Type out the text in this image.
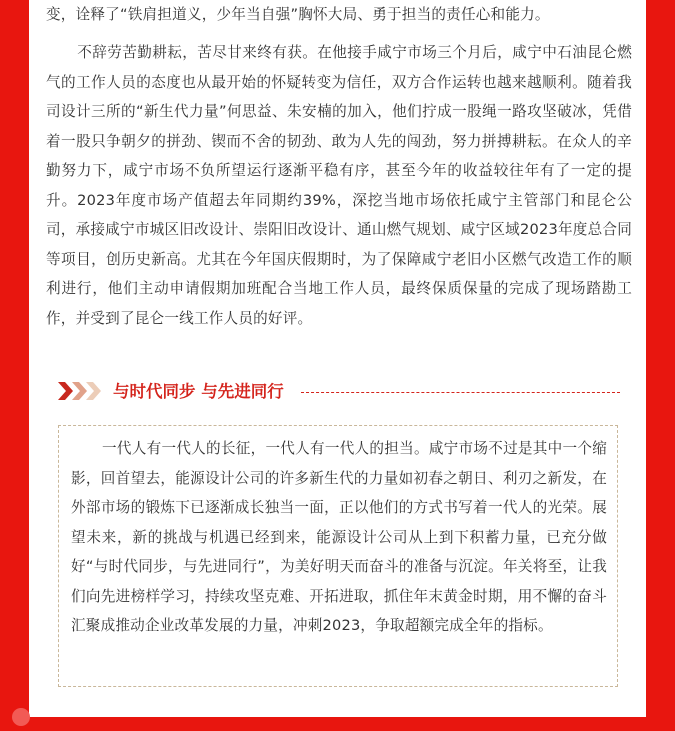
变，诠释了“铁肩担道义，少年当自强”胸怀大局、勇于担当的责任心和能力。

不辞劳苦勤耕耘，苦尽甘来终有获。在他接手咸宁市场三个月后，咸宁中石油昆仑燃气的工作人员的态度也从最开始的怀疑转变为信任，双方合作运转也越来越顺利。随着我司设计三所的“新生代力量”何思益、朱安楠的加入，他们拧成一股绳一路攻坚破冰，凭借着一股只争朝夕的拼劲、锲而不舍的韧劲、敢为人先的闯劲，努力拼搏耕耘。在众人的辛勤努力下，咸宁市场不负所望运行逐渐平稳有序，甚至今年的收益较往年有了一定的提升。2023年度市场产值超去年同期约39%，深挖当地市场依托咸宁主管部门和昆仑公司，承接咸宁市城区旧改设计、崇阳旧改设计、通山燃气规划、咸宁区域2023年度总合同等项目，创历史新高。尤其在今年国庆假期时，为了保障咸宁老旧小区燃气改造工作的顺利进行，他们主动申请假期加班配合当地工作人员，最终保质保量的完成了现场踏勘工作，并受到了昆仑一线工作人员的好评。

与时代同步 与先进同行

一代人有一代人的长征，一代人有一代人的担当。咸宁市场不过是其中一个缩影，回首望去，能源设计公司的许多新生代的力量如初春之朝日、利刃之新发，在外部市场的锻炼下已逐渐成长独当一面，正以他们的方式书写着一代人的光荣。展望未来，新的挑战与机遇已经到来，能源设计公司从上到下积蓄力量，已充分做好“与时代同步，与先进同行”，为美好明天而奋斗的准备与沉淀。年关将至，让我们向先进榜样学习，持续攻坚克难、开拓进取，抓住年末黄金时期，用不懈的奋斗汇聚成推动企业改革发展的力量，冲刺2023，争取超额完成全年的指标。
